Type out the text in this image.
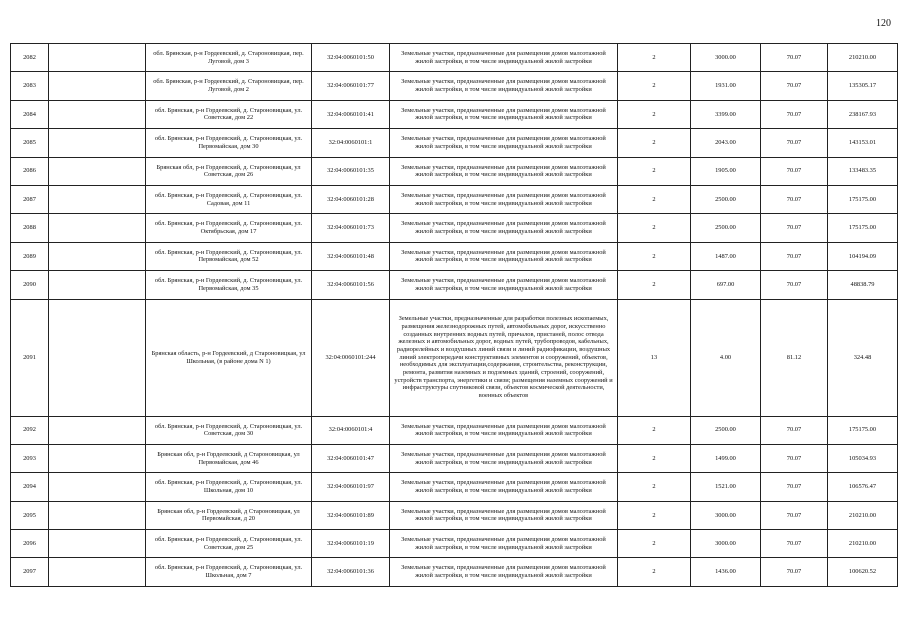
120
2082		обл. Брянская, р-н Гордеевский, д. Староновицкая, пер. Луговой, дом 3	32:04:0060101:50	Земельные участки, предназначенные для размещения домов малоэтажной жилой застройки, в том числе индивидуальной жилой застройки	2	3000.00	70.07	210210.00
2083		обл. Брянская, р-н Гордеевский, д. Староновицкая, пер. Луговой, дом 2	32:04:0060101:77	Земельные участки, предназначенные для размещения домов малоэтажной жилой застройки, в том числе индивидуальной жилой застройки	2	1931.00	70.07	135305.17
2084		обл. Брянская, р-н Гордеевский, д. Староновицкая, ул. Советская, дом 22	32:04:0060101:41	Земельные участки, предназначенные для размещения домов малоэтажной жилой застройки, в том числе индивидуальной жилой застройки	2	3399.00	70.07	238167.93
2085		обл. Брянская, р-н Гордеевский, д. Староновицкая, ул. Первомайская, дом 30	32:04:0060101:1	Земельные участки, предназначенные для размещения домов малоэтажной жилой застройки, в том числе индивидуальной жилой застройки	2	2043.00	70.07	143153.01
2086		Брянская обл, р-н Гордеевский, д. Староновицкая, ул Советская, дом 26	32:04:0060101:35	Земельные участки, предназначенные для размещения домов малоэтажной жилой застройки, в том числе индивидуальной жилой застройки	2	1905.00	70.07	133483.35
2087		обл. Брянская, р-н Гордеевский, д. Староновицкая, ул. Садовая, дом 11	32:04:0060101:28	Земельные участки, предназначенные для размещения домов малоэтажной жилой застройки, в том числе индивидуальной жилой застройки	2	2500.00	70.07	175175.00
2088		обл. Брянская, р-н Гордеевский, д. Староновицкая, ул. Октябрьская, дом 17	32:04:0060101:73	Земельные участки, предназначенные для размещения домов малоэтажной жилой застройки, в том числе индивидуальной жилой застройки	2	2500.00	70.07	175175.00
2089		обл. Брянская, р-н Гордеевский, д. Староновицкая, ул. Первомайская, дом 52	32:04:0060101:48	Земельные участки, предназначенные для размещения домов малоэтажной жилой застройки, в том числе индивидуальной жилой застройки	2	1487.00	70.07	104194.09
2090		обл. Брянская, р-н Гордеевский, д. Староновицкая, ул. Первомайская, дом 35	32:04:0060101:56	Земельные участки, предназначенные для размещения домов малоэтажной жилой застройки, в том числе индивидуальной жилой застройки	2	697.00	70.07	48838.79
2091		Брянская область, р-н Гордеевский, д Староновицкая, ул Школьная, (в районе дома N 1)	32:04:0060101:244	Земельные участки, предназначенные для разработки полезных ископаемых, размещения железнодорожных путей, автомобильных дорог, искусственно созданных внутренних водных путей, причалов, пристаней, полос отвода железных и автомобильных дорог, водных путей, трубопроводов, кабельных, радиорелейных и воздушных линий связи и линий радиофикации, воздушных линий электропередачи конструктивных элементов и сооружений, объектов, необходимых для эксплуатации,содержания, строительства, реконструкции, ремонта, развития наземных и подземных зданий, строений, сооружений, устройств транспорта, энергетики и связи; размещения наземных сооружений и инфраструктуры спутниковой связи, объектов космической деятельности, военных объектов	13	4.00	81.12	324.48
2092		обл. Брянская, р-н Гордеевский, д. Староновицкая, ул. Советская, дом 30	32:04:0060101:4	Земельные участки, предназначенные для размещения домов малоэтажной жилой застройки, в том числе индивидуальной жилой застройки	2	2500.00	70.07	175175.00
2093		Брянская обл, р-н Гордеевский, д Староновицкая, ул Первомайская, дом 46	32:04:0060101:47	Земельные участки, предназначенные для размещения домов малоэтажной жилой застройки, в том числе индивидуальной жилой застройки	2	1499.00	70.07	105034.93
2094		обл. Брянская, р-н Гордеевский, д. Староновицкая, ул. Школьная, дом 10	32:04:0060101:97	Земельные участки, предназначенные для размещения домов малоэтажной жилой застройки, в том числе индивидуальной жилой застройки	2	1521.00	70.07	106576.47
2095		Брянская обл, р-н Гордеевский, д Староновицкая, ул Первомайская, д 20	32:04:0060101:89	Земельные участки, предназначенные для размещения домов малоэтажной жилой застройки, в том числе индивидуальной жилой застройки	2	3000.00	70.07	210210.00
2096		обл. Брянская, р-н Гордеевский, д. Староновицкая, ул. Советская, дом 25	32:04:0060101:19	Земельные участки, предназначенные для размещения домов малоэтажной жилой застройки, в том числе индивидуальной жилой застройки	2	3000.00	70.07	210210.00
2097		обл. Брянская, р-н Гордеевский, д. Староновицкая, ул. Школьная, дом 7	32:04:0060101:36	Земельные участки, предназначенные для размещения домов малоэтажной жилой застройки, в том числе индивидуальной жилой застройки	2	1436.00	70.07	100620.52
